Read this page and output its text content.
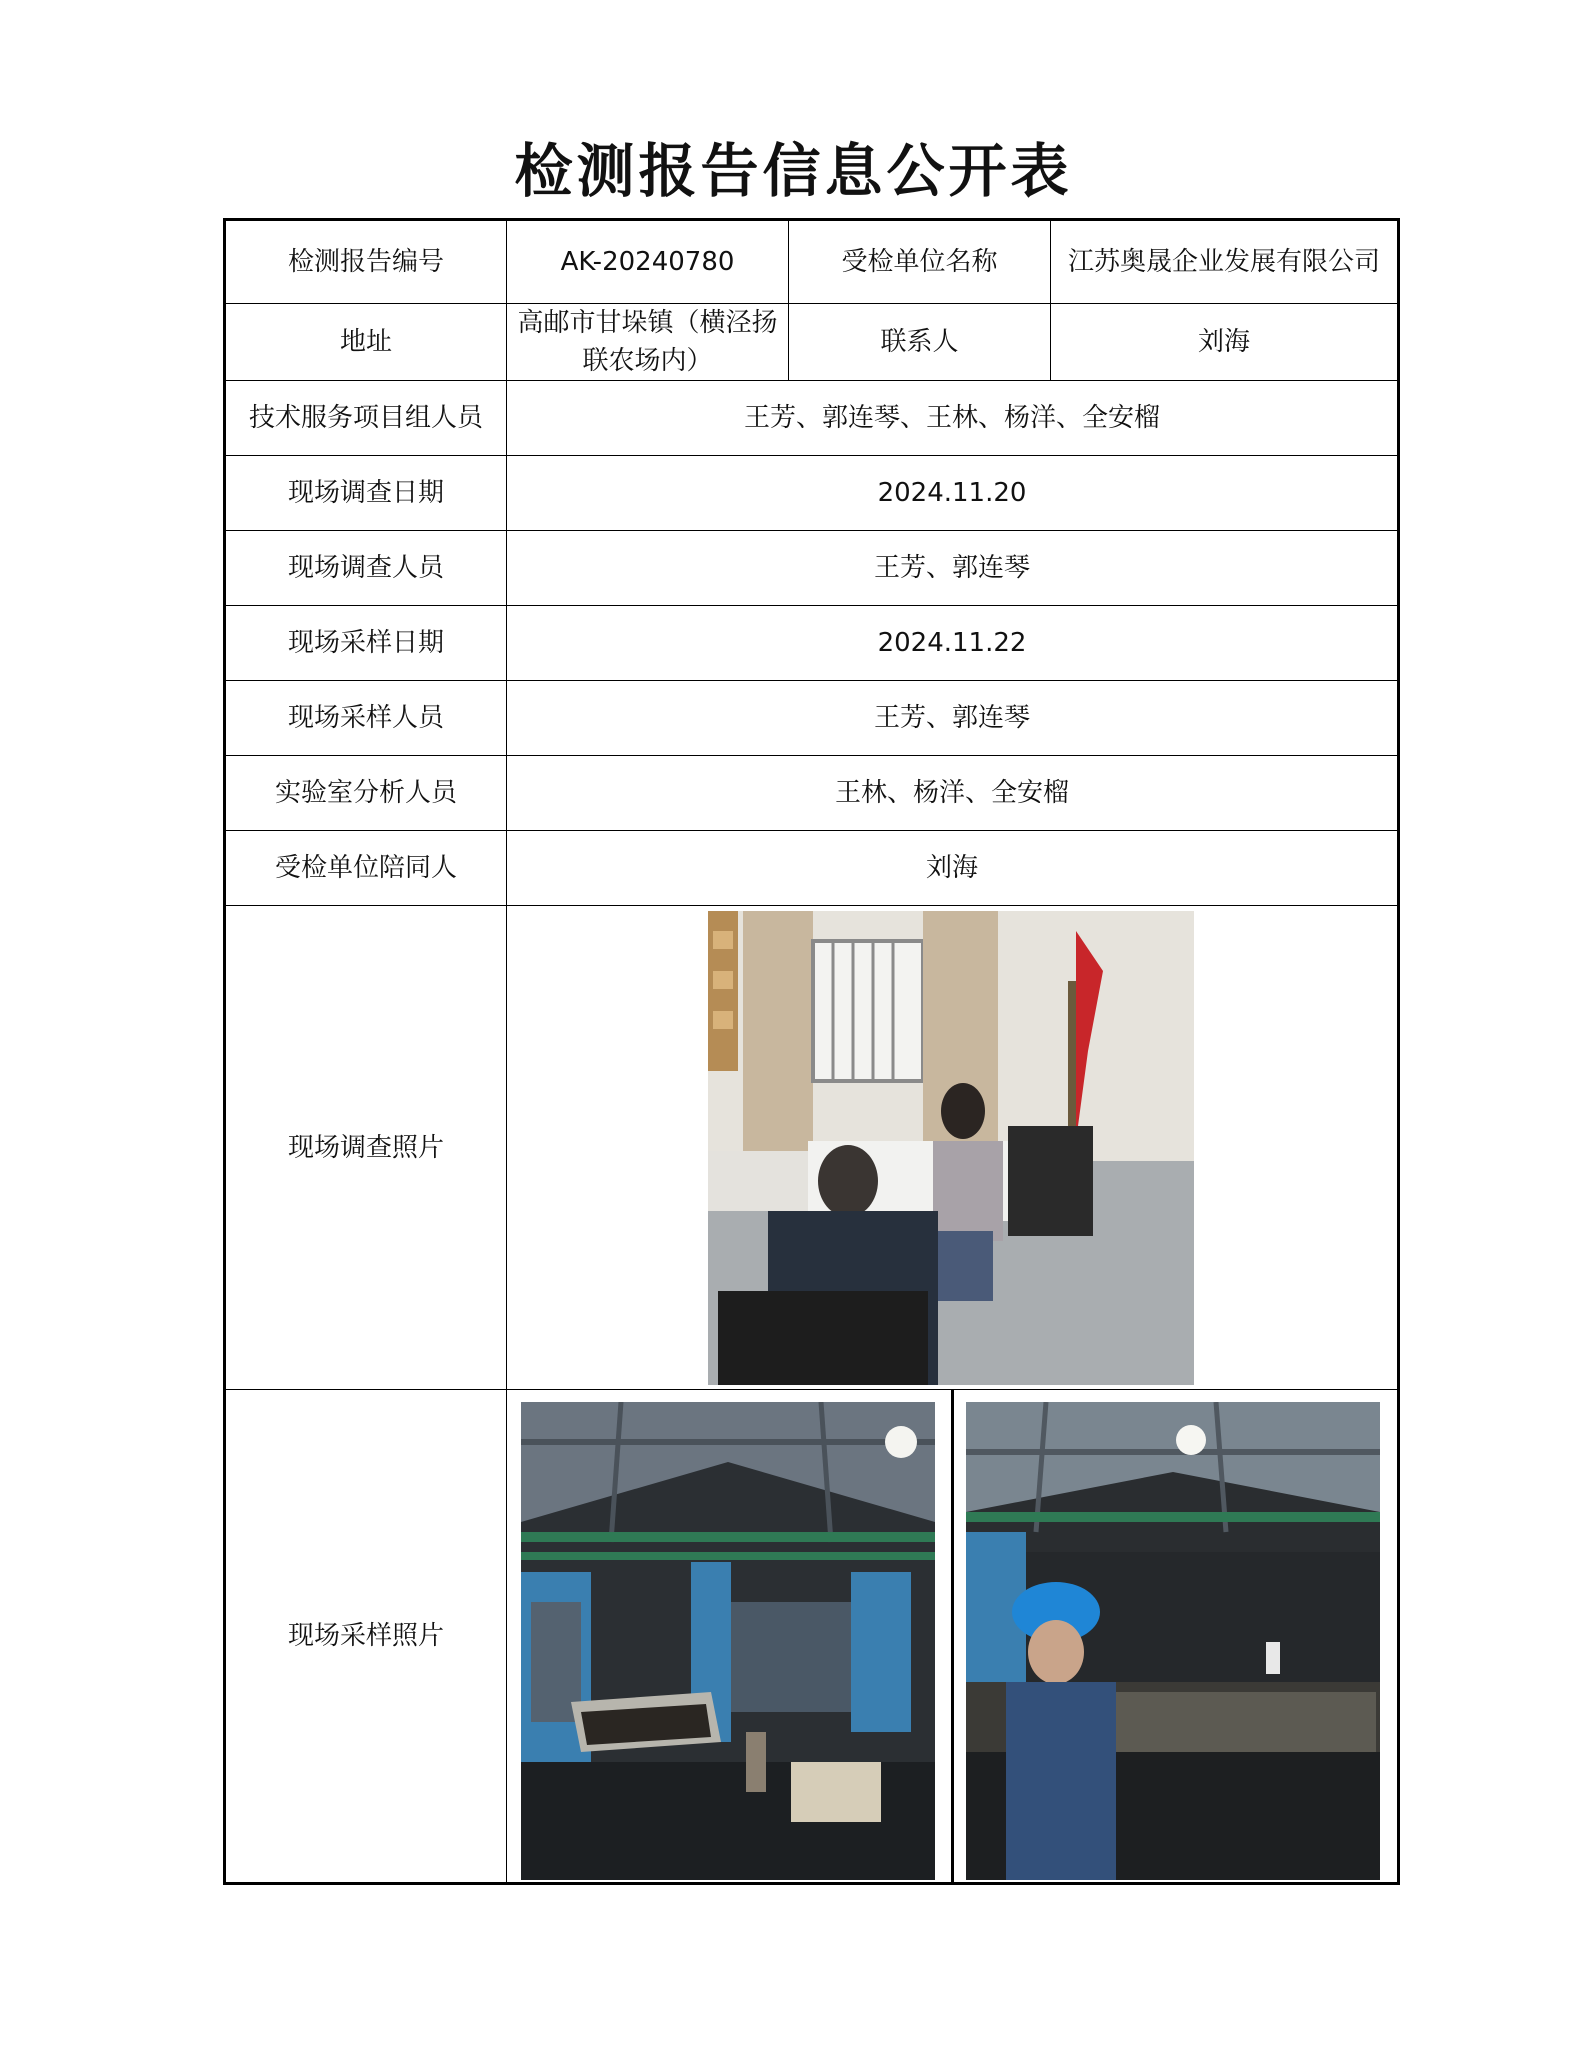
检测报告信息公开表
检测报告编号	AK-20240780	受检单位名称	江苏奥晟企业发展有限公司
地址	高邮市甘垛镇（横泾扬联农场内）	联系人	刘海
技术服务项目组人员	王芳、郭连琴、王林、杨洋、全安榴		
现场调查日期	2024.11.20		
现场调查人员	王芳、郭连琴		
现场采样日期	2024.11.22		
现场采样人员	王芳、郭连琴		
实验室分析人员	王林、杨洋、全安榴		
受检单位陪同人	刘海		
现场调查照片	

现场采样照片	
